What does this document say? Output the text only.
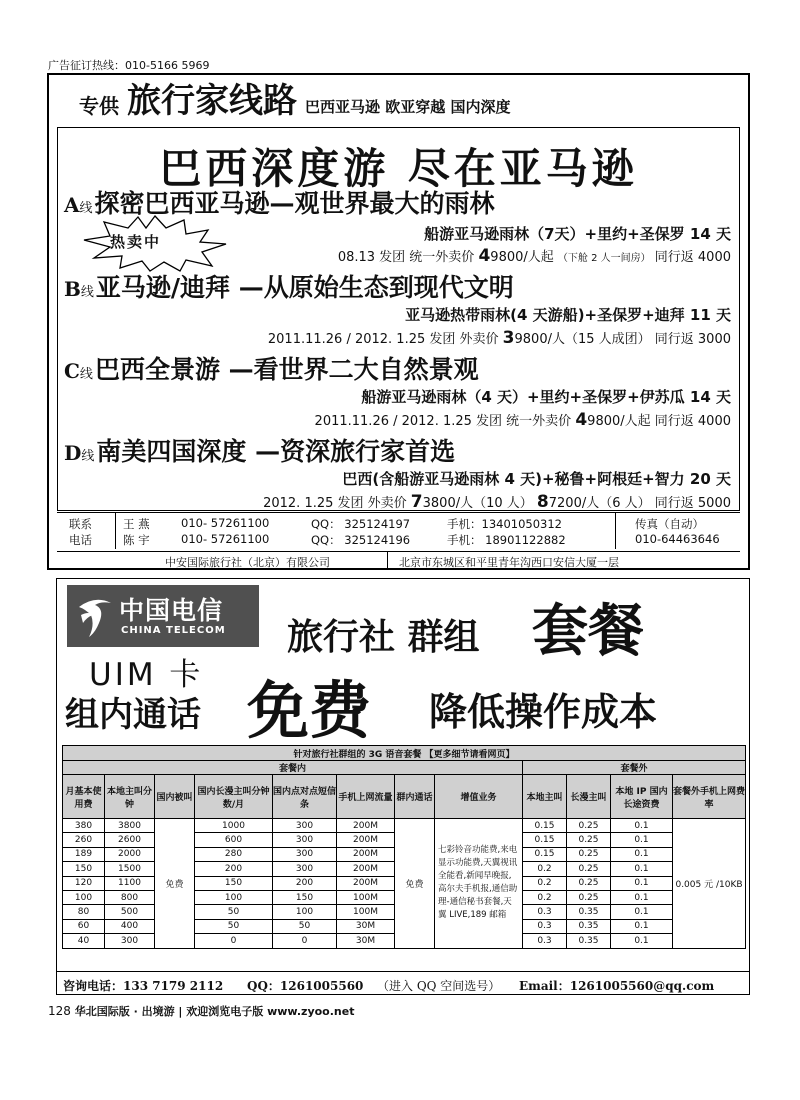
广告征订热线：010-5166 5969
专供 旅行家线路 巴西亚马逊 欧亚穿越 国内深度
巴西深度游 尽在亚马逊
热卖中
A线探密巴西亚马逊—观世界最大的雨林
船游亚马逊雨林（7天）+里约+圣保罗 14 天
08.13 发团 统一外卖价 49800/人起 （下舱 2 人一间房） 同行返 4000
B线亚马逊/迪拜 —从原始生态到现代文明
亚马逊热带雨林(4 天游船)+圣保罗+迪拜 11 天
2011.11.26 / 2012. 1.25 发团 外卖价 39800/人（15 人成团） 同行返 3000
C线巴西全景游 —看世界二大自然景观
船游亚马逊雨林（4 天）+里约+圣保罗+伊苏瓜 14 天
2011.11.26 / 2012. 1.25 发团 统一外卖价 49800/人起 同行返 4000
D线南美四国深度 —资深旅行家首选
巴西(含船游亚马逊雨林 4 天)+秘鲁+阿根廷+智力 20 天
2012. 1.25 发团 外卖价 73800/人（10 人） 87200/人（6 人） 同行返 5000
联系
电话
王 燕	010- 57261100	QQ： 325124197	手机：13401050312
陈 宇	010- 57261100	QQ： 325124196	手机： 18901122882
传真（自动）
010-64463646
中安国际旅行社（北京）有限公司	北京市东城区和平里青年沟西口安信大厦一层
中国电信
CHINA TELECOM 旅行社 群组 套餐
UIM 卡
组内通话 免费 降低操作成本
针对旅行社群组的 3G 语音套餐 【更多细节请看网页】											
套餐内								套餐外			
月基本使用费	本地主叫分钟	国内被叫	国内长漫主叫分钟数/月	国内点对点短信条	手机上网流量	群内通话	增值业务	本地主叫	长漫主叫	本地 IP 国内长途资费	套餐外手机上网费率
380	3800	免费	1000	300	200M	免费	七彩铃音功能费,来电显示功能费,天翼视讯全能看,新闻早晚报,高尔夫手机报,通信助理-通信秘书套餐,天翼 LIVE,189 邮箱	0.15	0.25	0.1	0.005 元 /10KB
260	2600		600	300	200M			0.15	0.25	0.1	
189	2000		280	300	200M			0.15	0.25	0.1	
150	1500		200	300	200M			0.2	0.25	0.1	
120	1100		150	200	200M			0.2	0.25	0.1	
100	800		100	150	100M			0.2	0.25	0.1	
80	500		50	100	100M			0.3	0.35	0.1	
60	400		50	50	30M			0.3	0.35	0.1	
40	300		0	0	30M			0.3	0.35	0.1	
咨询电话：133 7179 2112 QQ：1261005560 （进入 QQ 空间选号） Email：1261005560@qq.com
128 华北国际版 · 出境游 | 欢迎浏览电子版 www.zyoo.net
